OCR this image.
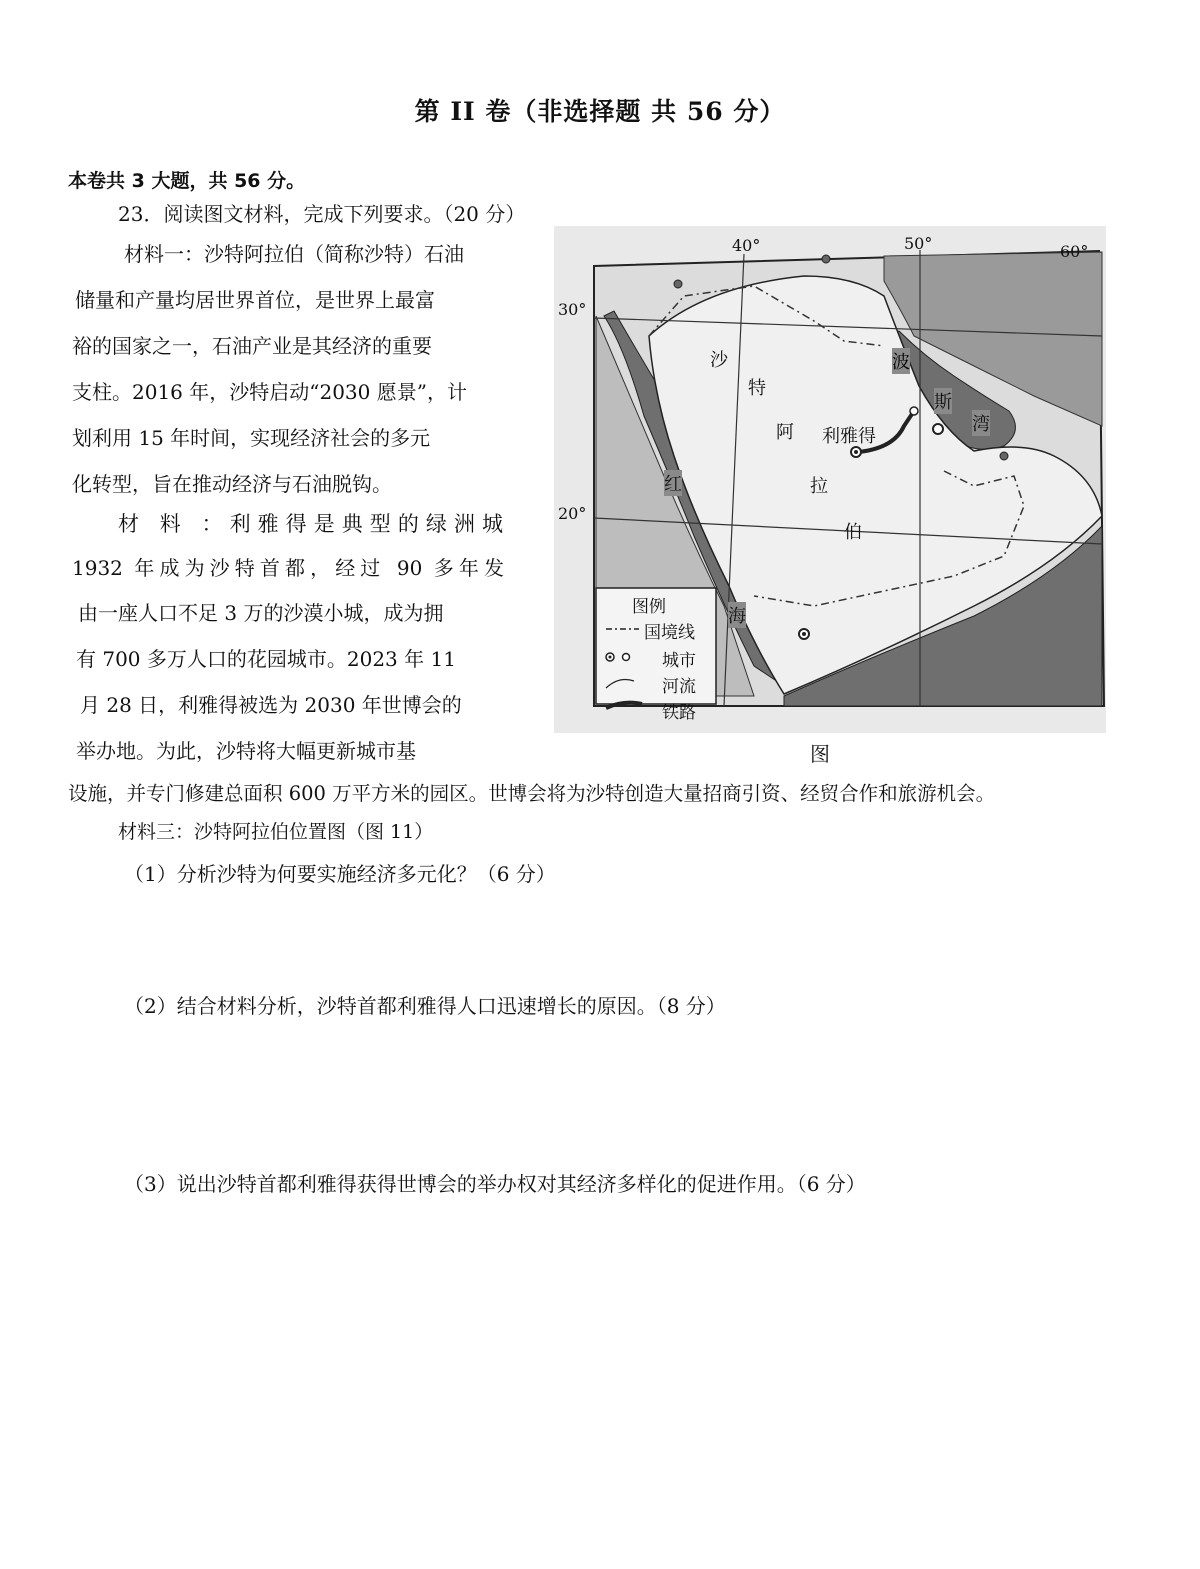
第 II 卷（非选择题 共 56 分）
本卷共 3 大题，共 56 分。
23．阅读图文材料，完成下列要求。（20 分）
材料一：沙特阿拉伯（简称沙特）石油
储量和产量均居世界首位，是世界上最富
裕的国家之一，石油产业是其经济的重要
支柱。2016 年，沙特启动“2030 愿景”，计
划利用 15 年时间，实现经济社会的多元
化转型，旨在推动经济与石油脱钩。
材 料 ：利雅得是典型的绿洲城
1932 年成为沙特首都，经过 90 多年发
由一座人口不足 3 万的沙漠小城，成为拥
有 700 多万人口的花园城市。2023 年 11
月 28 日，利雅得被选为 2030 年世博会的
举办地。为此，沙特将大幅更新城市基
设施，并专门修建总面积 600 万平方米的园区。世博会将为沙特创造大量招商引资、经贸合作和旅游机会。
材料三：沙特阿拉伯位置图（图 11）
40°	50°	60°
30°
20°
沙
特
阿
拉
伯
波
斯
湾
红
海
利雅得
图例
国境线
城市
河流
铁路
图
（1）分析沙特为何要实施经济多元化？（6 分）
（2）结合材料分析，沙特首都利雅得人口迅速增长的原因。（8 分）
（3）说出沙特首都利雅得获得世博会的举办权对其经济多样化的促进作用。（6 分）
